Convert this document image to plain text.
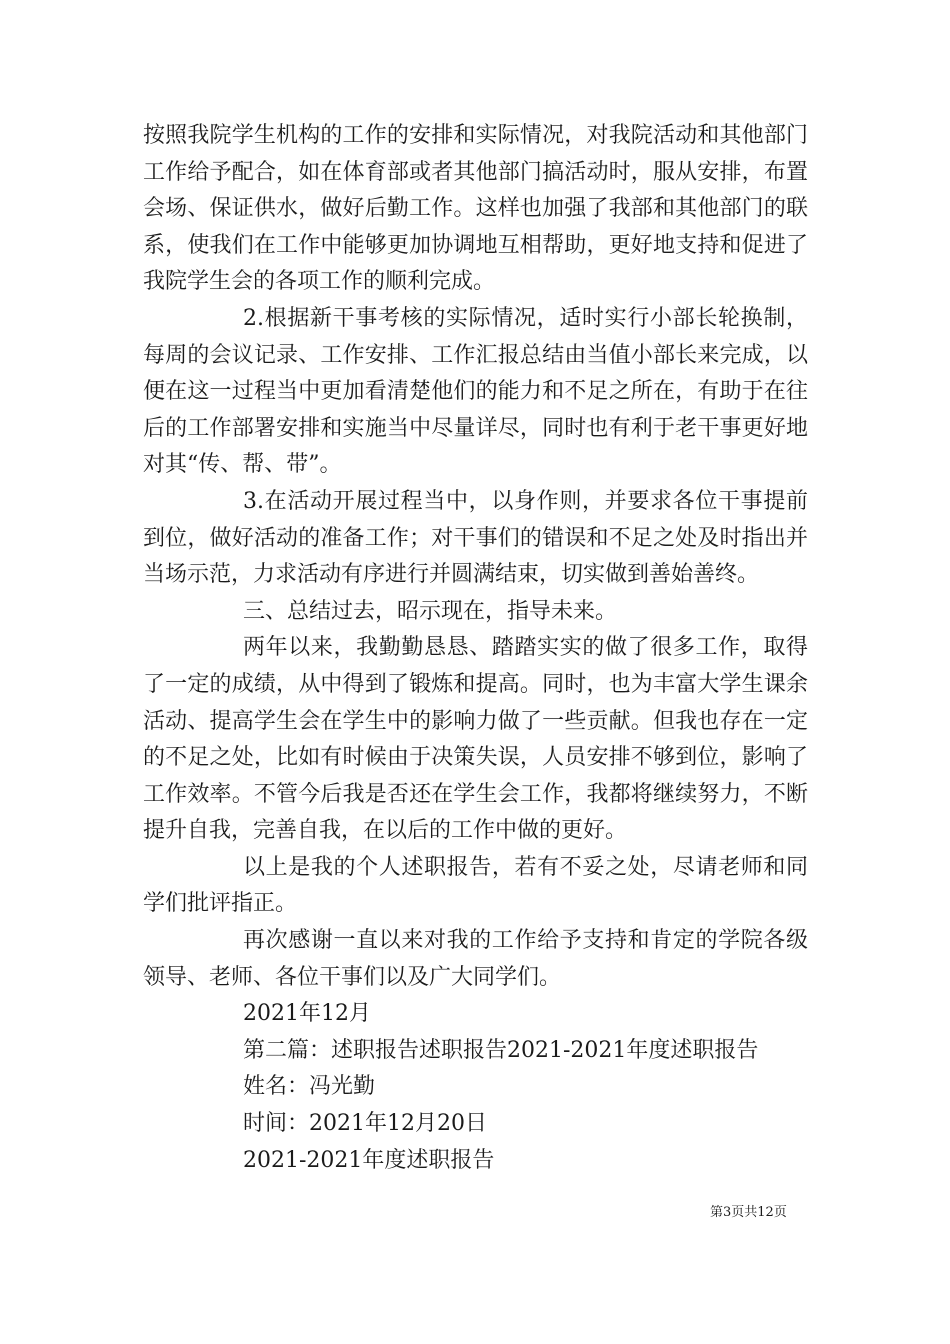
按照我院学生机构的工作的安排和实际情况，对我院活动和其他部门工作给予配合，如在体育部或者其他部门搞活动时，服从安排，布置会场、保证供水，做好后勤工作。这样也加强了我部和其他部门的联系，使我们在工作中能够更加协调地互相帮助，更好地支持和促进了我院学生会的各项工作的顺利完成。

2.根据新干事考核的实际情况，适时实行小部长轮换制，每周的会议记录、工作安排、工作汇报总结由当值小部长来完成，以便在这一过程当中更加看清楚他们的能力和不足之所在，有助于在往后的工作部署安排和实施当中尽量详尽，同时也有利于老干事更好地对其“传、帮、带”。

3.在活动开展过程当中，以身作则，并要求各位干事提前到位，做好活动的准备工作；对干事们的错误和不足之处及时指出并当场示范，力求活动有序进行并圆满结束，切实做到善始善终。

三、总结过去，昭示现在，指导未来。

两年以来，我勤勤恳恳、踏踏实实的做了很多工作，取得了一定的成绩，从中得到了锻炼和提高。同时，也为丰富大学生课余活动、提高学生会在学生中的影响力做了一些贡献。但我也存在一定的不足之处，比如有时候由于决策失误，人员安排不够到位，影响了工作效率。不管今后我是否还在学生会工作，我都将继续努力，不断提升自我，完善自我，在以后的工作中做的更好。

以上是我的个人述职报告，若有不妥之处，尽请老师和同学们批评指正。

再次感谢一直以来对我的工作给予支持和肯定的学院各级领导、老师、各位干事们以及广大同学们。

2021年12月

第二篇：述职报告述职报告2021-2021年度述职报告

姓名：冯光勤

时间：2021年12月20日

2021-2021年度述职报告

第3页共12页
